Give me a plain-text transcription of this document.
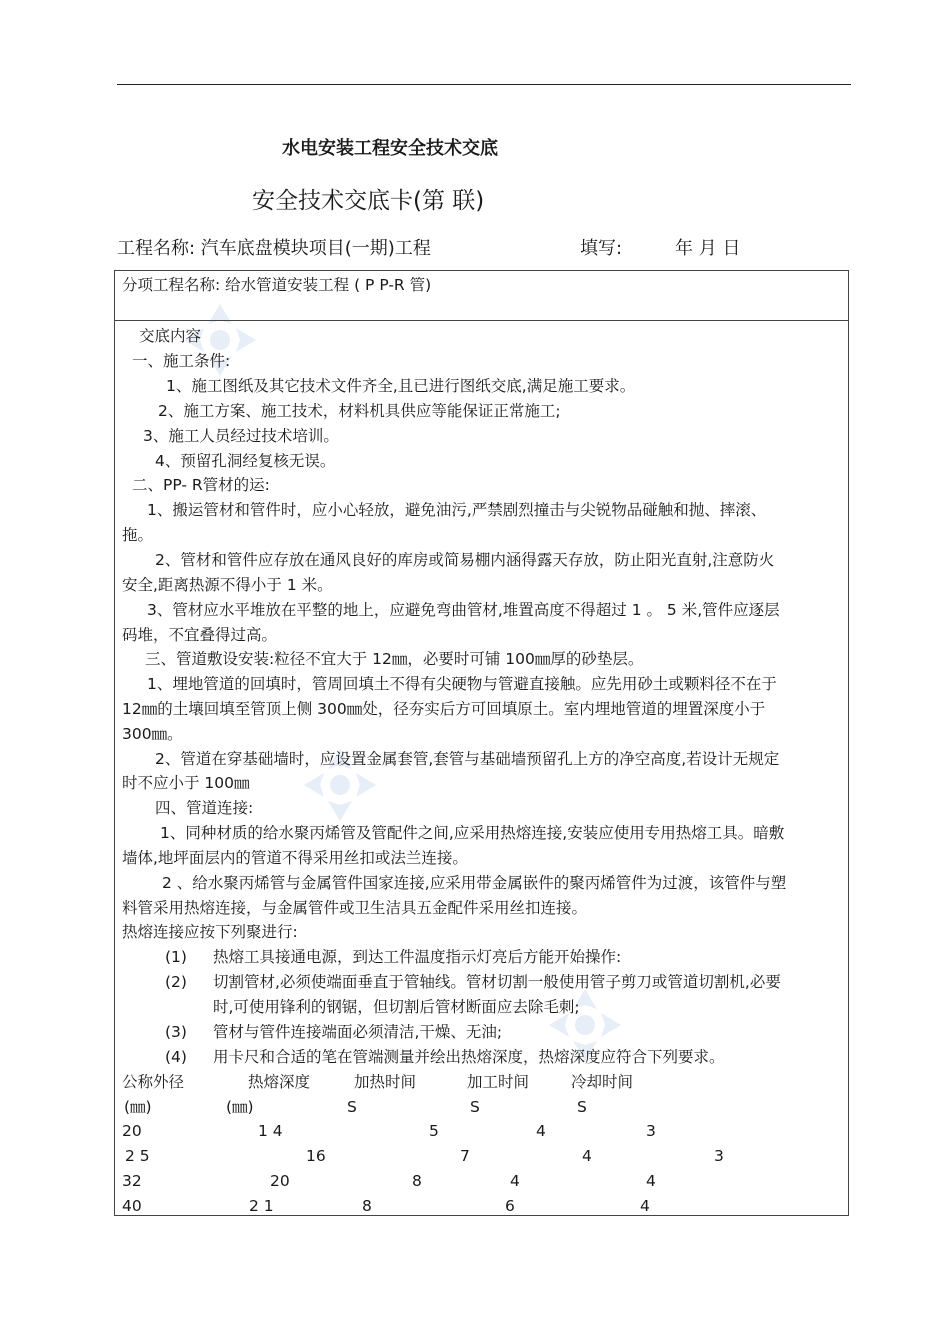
水电安装工程安全技术交底
安全技术交底卡(第 联)
工程名称: 汽车底盘模块项目(一期)工程	填写:	年 月 日
分项工程名称: 给水管道安装工程 ( P P-R 管)
交底内容
一、施工条件:
1、施工图纸及其它技术文件齐全,且已进行图纸交底,满足施工要求。
2、施工方案、施工技术，材料机具供应等能保证正常施工;
3、施工人员经过技术培训。
4、预留孔洞经复核无误。
二、PP- R管材的运:
1、搬运管材和管件时，应小心轻放，避免油污,严禁剧烈撞击与尖锐物品碰触和抛、摔滚、
拖。
2、管材和管件应存放在通风良好的库房或简易棚内涵得露天存放，防止阳光直射,注意防火
安全,距离热源不得小于 1 米。
3、管材应水平堆放在平整的地上，应避免弯曲管材,堆置高度不得超过 1 。 5 米,管件应逐层
码堆，不宜叠得过高。
三、管道敷设安装:粒径不宜大于 12㎜，必要时可铺 100㎜厚的砂垫层。
1、埋地管道的回填时，管周回填土不得有尖硬物与管避直接触。应先用砂土或颗料径不在于
12㎜的土壤回填至管顶上侧 300㎜处，径夯实后方可回填原土。室内埋地管道的埋置深度小于
300㎜。
2、管道在穿基础墙时，应设置金属套管,套管与基础墙预留孔上方的净空高度,若设计无规定
时不应小于 100㎜
四、管道连接:
1、同种材质的给水聚丙烯管及管配件之间,应采用热熔连接,安装应使用专用热熔工具。暗敷
墙体,地坪面层内的管道不得采用丝扣或法兰连接。
2 、给水聚丙烯管与金属管件国家连接,应采用带金属嵌件的聚丙烯管件为过渡，该管件与塑
料管采用热熔连接，与金属管件或卫生洁具五金配件采用丝扣连接。
热熔连接应按下列聚进行:
(1) 热熔工具接通电源，到达工件温度指示灯亮后方能开始操作:
(2) 切割管材,必须使端面垂直于管轴线。管材切割一般使用管子剪刀或管道切割机,必要
时,可使用锋利的钢锯，但切割后管材断面应去除毛刺;
(3) 管材与管件连接端面必须清洁,干燥、无油;
(4) 用卡尺和合适的笔在管端测量并绘出热熔深度，热熔深度应符合下列要求。
公称外径	热熔深度	加热时间	加工时间	冷却时间
(㎜)	(㎜)	S	S	S
20	1 4	5	4	3
2 5	16	7	4	3
32	20	8	4	4
40	2 1	8	6	4
